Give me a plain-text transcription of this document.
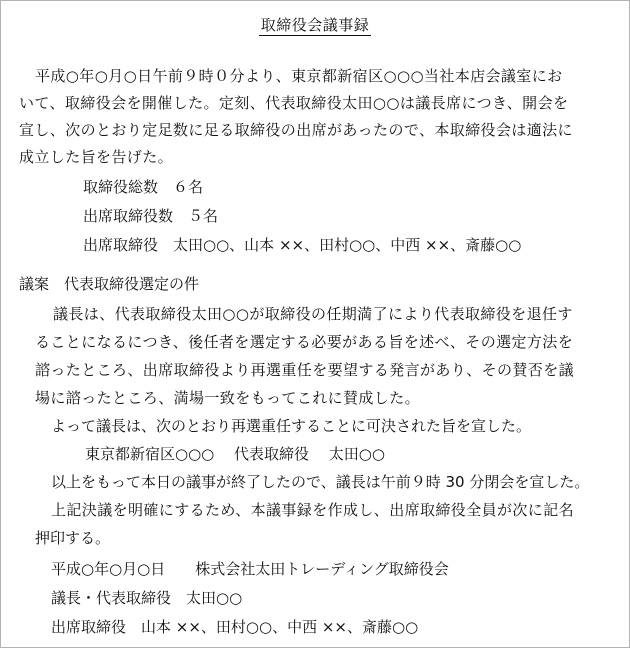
取締役会議事録
平成○年○月○日午前９時０分より、東京都新宿区○○○当社本店会議室にお
いて、取締役会を開催した。定刻、代表取締役太田○○は議長席につき、開会を
宣し、次のとおり定足数に足る取締役の出席があったので、本取締役会は適法に
成立した旨を告げた。
取締役総数　６名
出席取締役数　５名
出席取締役　太田○○、山本 ××、田村○○、中西 ××、斎藤○○
議案　代表取締役選定の件
議長は、代表取締役太田○○が取締役の任期満了により代表取締役を退任す
ることになるにつき、後任者を選定する必要がある旨を述べ、その選定方法を
諮ったところ、出席取締役より再選重任を要望する発言があり、その賛否を議
場に諮ったところ、満場一致をもってこれに賛成した。
よって議長は、次のとおり再選重任することに可決された旨を宣した。
東京都新宿区○○○　 代表取締役　 太田○○
以上をもって本日の議事が終了したので、議長は午前９時 30 分閉会を宣した。
上記決議を明確にするため、本議事録を作成し、出席取締役全員が次に記名
押印する。
平成○年○月○日　　株式会社太田トレーディング取締役会
議長・代表取締役　太田○○
出席取締役　山本 ××、田村○○、中西 ××、斎藤○○
